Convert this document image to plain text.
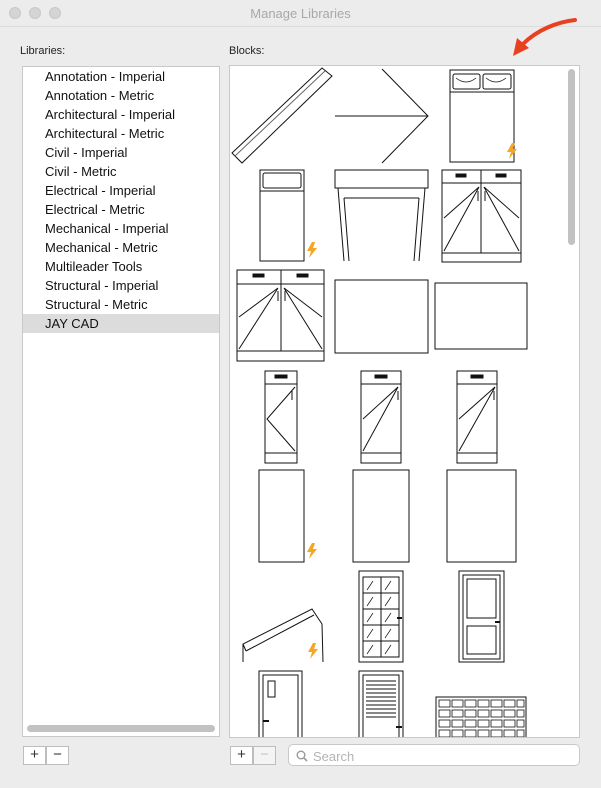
Manage Libraries
Libraries:	Blocks:
Annotation - Imperial
Annotation - Metric
Architectural - Imperial
Architectural - Metric
Civil - Imperial
Civil - Metric
Electrical - Imperial
Electrical - Metric
Mechanical - Imperial
Mechanical - Metric
Multileader Tools
Structural - Imperial
Structural - Metric
JAY CAD
+ −	+ −
Search
